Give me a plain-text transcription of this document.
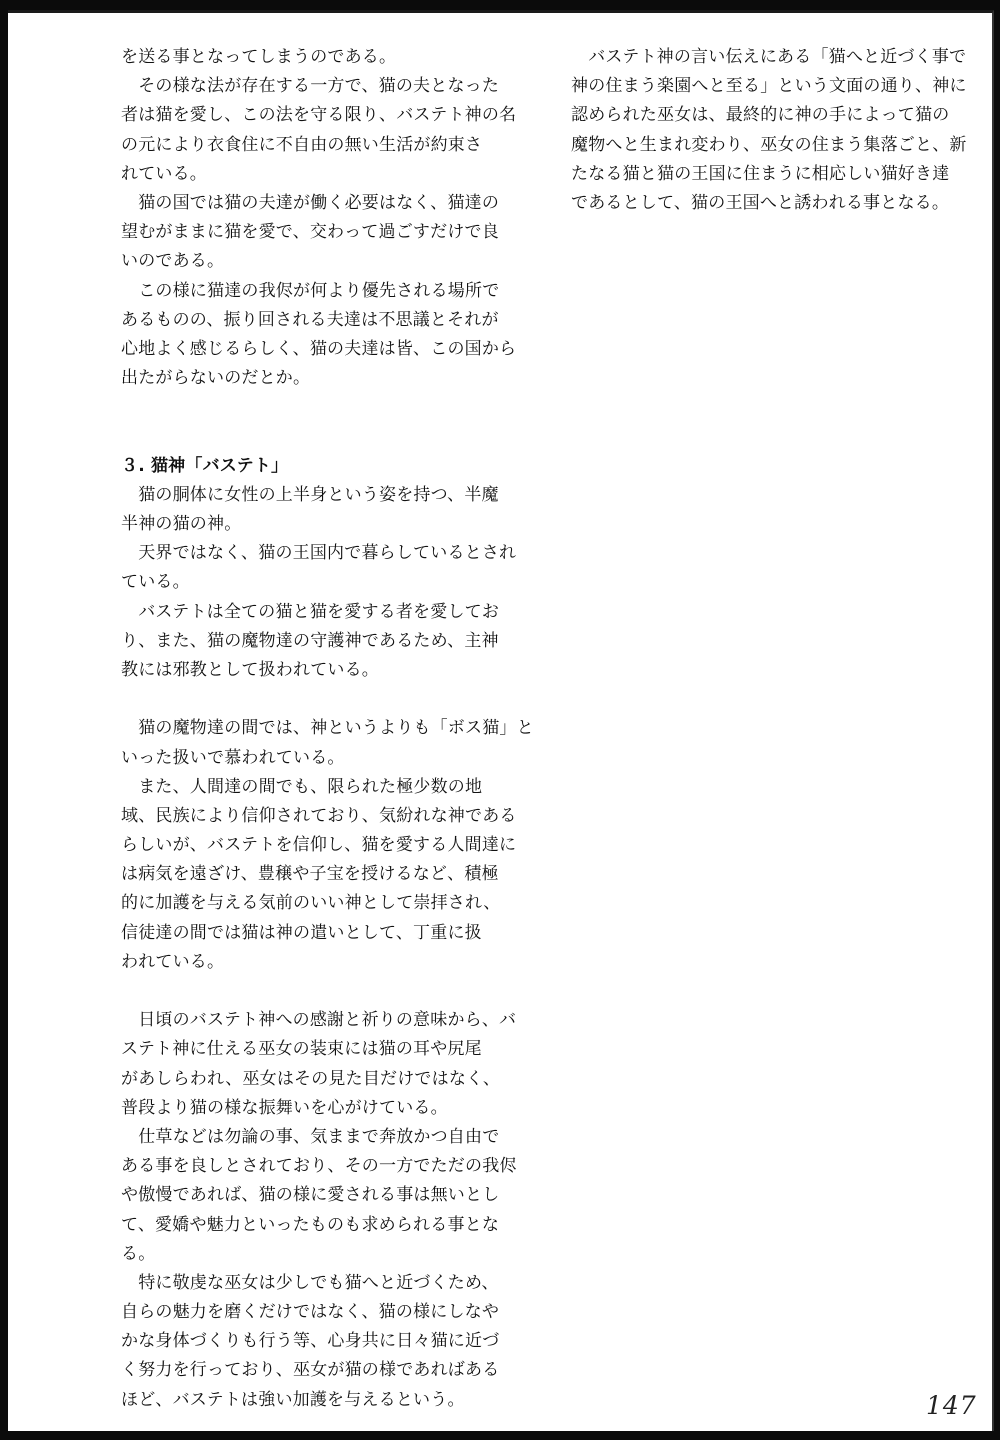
を送る事となってしまうのである。
　その様な法が存在する一方で、猫の夫となった
者は猫を愛し、この法を守る限り、バステト神の名
の元により衣食住に不自由の無い生活が約束さ
れている。
　猫の国では猫の夫達が働く必要はなく、猫達の
望むがままに猫を愛で、交わって過ごすだけで良
いのである。
　この様に猫達の我侭が何より優先される場所で
あるものの、振り回される夫達は不思議とそれが
心地よく感じるらしく、猫の夫達は皆、この国から
出たがらないのだとか。
３. 猫神「バステト」
　猫の胴体に女性の上半身という姿を持つ、半魔
半神の猫の神。
　天界ではなく、猫の王国内で暮らしているとされ
ている。
　バステトは全ての猫と猫を愛する者を愛してお
り、また、猫の魔物達の守護神であるため、主神
教には邪教として扱われている。
　猫の魔物達の間では、神というよりも「ボス猫」と
いった扱いで慕われている。
　また、人間達の間でも、限られた極少数の地
域、民族により信仰されており、気紛れな神である
らしいが、バステトを信仰し、猫を愛する人間達に
は病気を遠ざけ、豊穣や子宝を授けるなど、積極
的に加護を与える気前のいい神として崇拝され、
信徒達の間では猫は神の遣いとして、丁重に扱
われている。
　日頃のバステト神への感謝と祈りの意味から、バ
ステト神に仕える巫女の装束には猫の耳や尻尾
があしらわれ、巫女はその見た目だけではなく、
普段より猫の様な振舞いを心がけている。
　仕草などは勿論の事、気ままで奔放かつ自由で
ある事を良しとされており、その一方でただの我侭
や傲慢であれば、猫の様に愛される事は無いとし
て、愛嬌や魅力といったものも求められる事とな
る。
　特に敬虔な巫女は少しでも猫へと近づくため、
自らの魅力を磨くだけではなく、猫の様にしなや
かな身体づくりも行う等、心身共に日々猫に近づ
く努力を行っており、巫女が猫の様であればある
ほど、バステトは強い加護を与えるという。
　バステト神の言い伝えにある「猫へと近づく事で
神の住まう楽園へと至る」という文面の通り、神に
認められた巫女は、最終的に神の手によって猫の
魔物へと生まれ変わり、巫女の住まう集落ごと、新
たなる猫と猫の王国に住まうに相応しい猫好き達
であるとして、猫の王国へと誘われる事となる。
147
